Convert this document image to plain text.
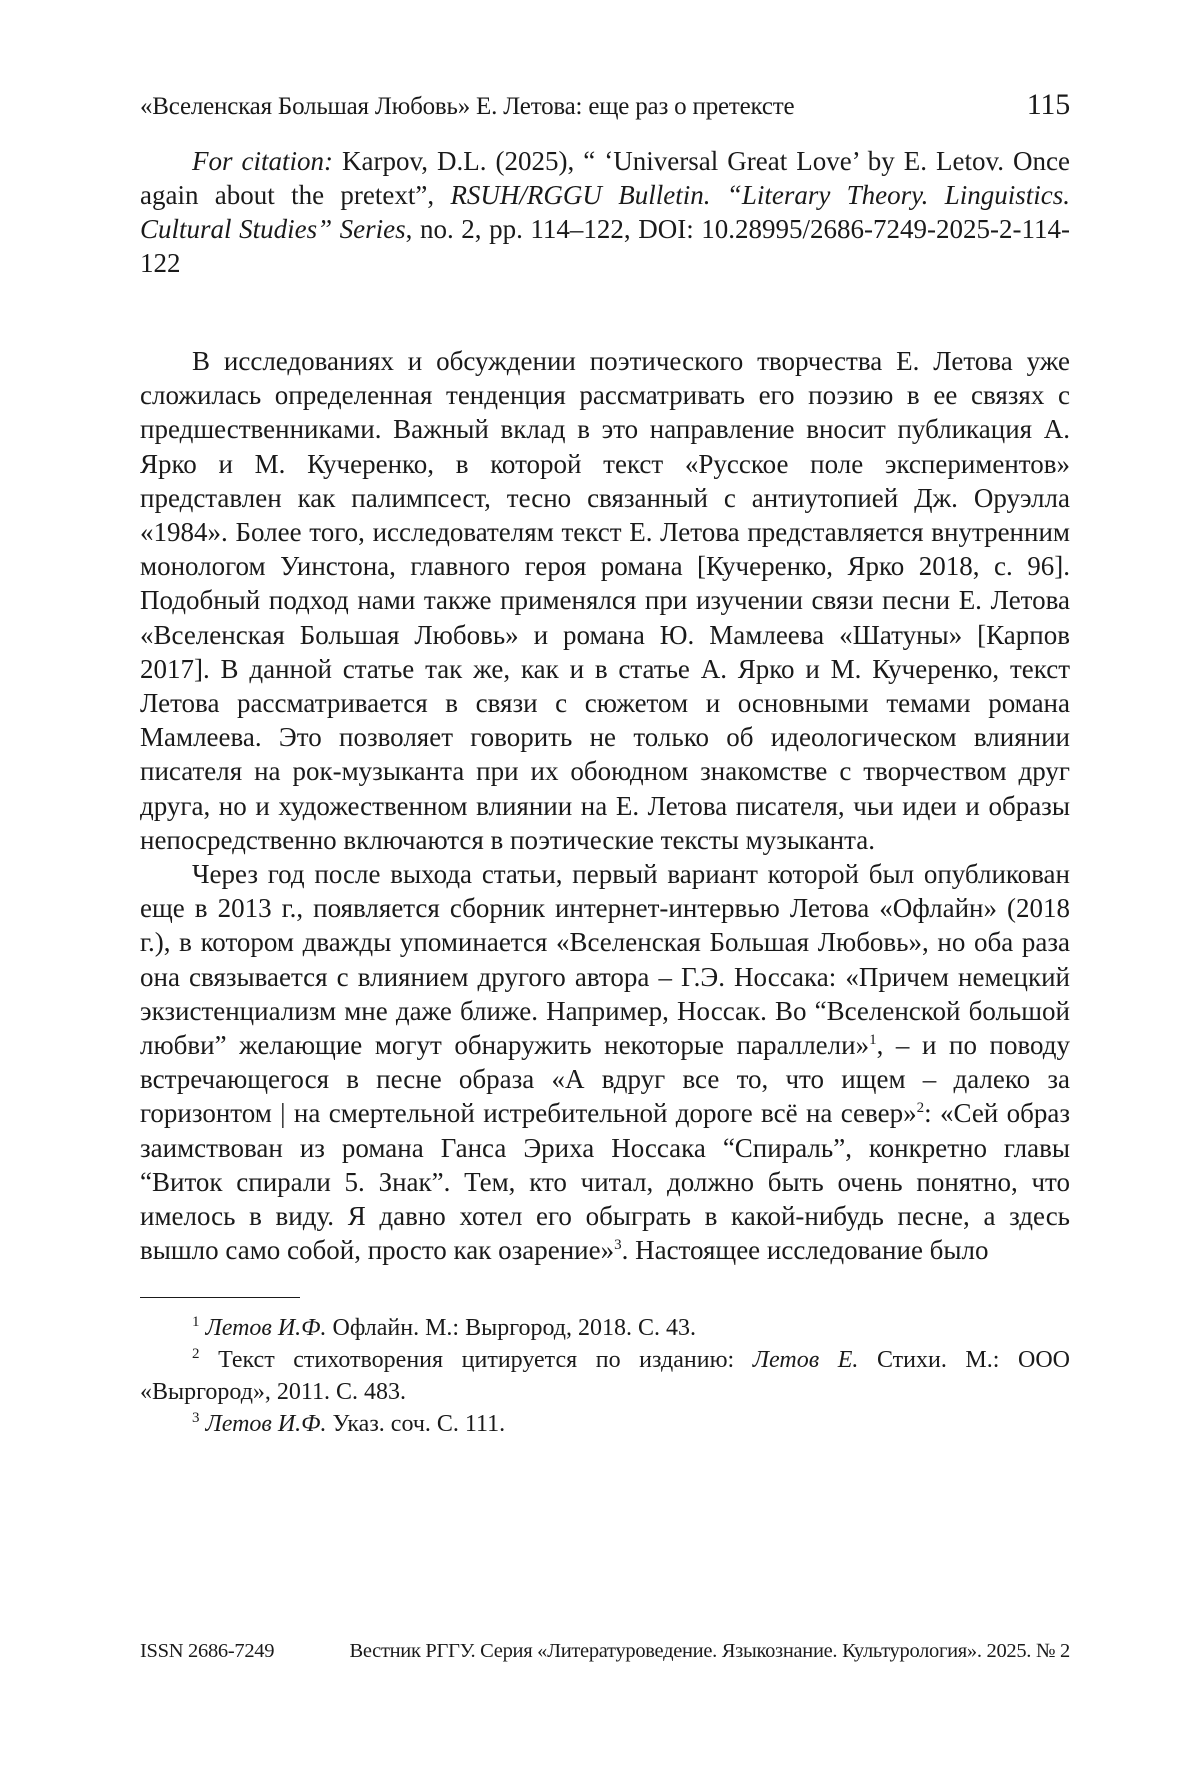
«Вселенская Большая Любовь» Е. Летова: еще раз о претексте	115
For citation: Karpov, D.L. (2025), “ ‘Universal Great Love’ by E. Letov. Once again about the pretext”, RSUH/RGGU Bulletin. “Literary Theory. Linguistics. Cultural Studies” Series, no. 2, pp. 114–122, DOI: 10.28995/2686-7249-2025-2-114-122

В исследованиях и обсуждении поэтического творчества Е. Летова уже сложилась определенная тенденция рассматривать его поэзию в ее связях с предшественниками. Важный вклад в это направление вносит публикация А. Ярко и М. Кучеренко, в которой текст «Русское поле экспериментов» представлен как палимпсест, тесно связанный с антиутопией Дж. Оруэлла «1984». Более того, исследователям текст Е. Летова представляется внутренним монологом Уинстона, главного героя романа [Кучеренко, Ярко 2018, с. 96]. Подобный подход нами также применялся при изучении связи песни Е. Летова «Вселенская Большая Любовь» и романа Ю. Мамлеева «Шатуны» [Карпов 2017]. В данной статье так же, как и в статье А. Ярко и М. Кучеренко, текст Летова рассматривается в связи с сюжетом и основными темами романа Мамлеева. Это позволяет говорить не только об идеологическом влиянии писателя на рок-музыканта при их обоюдном знакомстве с творчеством друг друга, но и художественном влиянии на Е. Летова писателя, чьи идеи и образы непосредственно включаются в поэтические тексты музыканта.

Через год после выхода статьи, первый вариант которой был опубликован еще в 2013 г., появляется сборник интернет-интервью Летова «Офлайн» (2018 г.), в котором дважды упоминается «Вселенская Большая Любовь», но оба раза она связывается с влиянием другого автора – Г.Э. Носсака: «Причем немецкий экзистенциализм мне даже ближе. Например, Носсак. Во “Вселенской большой любви” желающие могут обнаружить некоторые параллели»1, – и по поводу встречающегося в песне образа «А вдруг все то, что ищем – далеко за горизонтом | на смертельной истребительной дороге всё на север»2: «Сей образ заимствован из романа Ганса Эриха Носсака “Спираль”, конкретно главы “Виток спирали 5. Знак”. Тем, кто читал, должно быть очень понятно, что имелось в виду. Я давно хотел его обыграть в какой-нибудь песне, а здесь вышло само собой, просто как озарение»3. Настоящее исследование было

1 Летов И.Ф. Офлайн. М.: Выргород, 2018. С. 43.

2 Текст стихотворения цитируется по изданию: Летов Е. Стихи. М.: ООО «Выргород», 2011. С. 483.

3 Летов И.Ф. Указ. соч. С. 111.

ISSN 2686-7249	Вестник РГГУ. Серия «Литературоведение. Языкознание. Культурология». 2025. № 2
